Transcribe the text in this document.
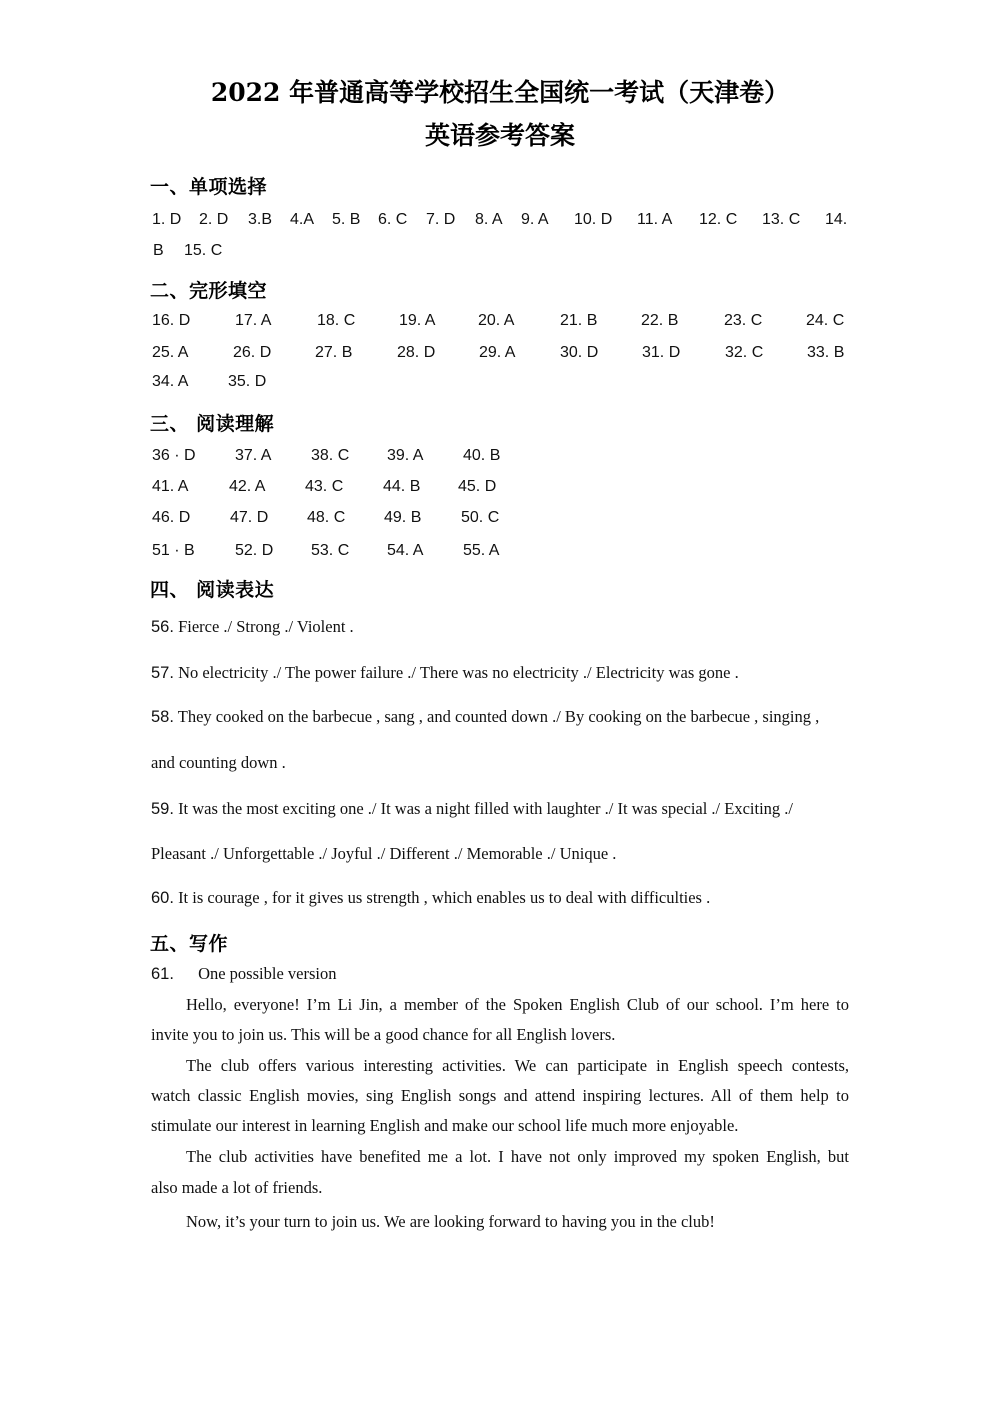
2022 年普通高等学校招生全国统一考试（天津卷）
英语参考答案
一、单项选择
1. D 2. D 3.B 4.A 5. B 6. C 7. D 8. A 9. A 10. D 11. A 12. C 13. C 14.
B 15. C
二、完形填空
16. D	17. A	18. C	19. A	20. A	21. B	22. B	23. C	24. C
25. A	26. D	27. B	28. D	29. A	30. D	31. D	32. C	33. B
34. A 35. D
三、 阅读理解
36 · D 37. A 38. C 39. A 40. B
41. A	42. A 43. C 44. B 45. D
46. D 47. D 48. C 49. B 50. C
51 · B	52. D 53. C 54. A 55. A
四、 阅读表达
56. Fierce ./ Strong ./ Violent .
57. No electricity ./ The power failure ./ There was no electricity ./ Electricity was gone .
58. They cooked on the barbecue , sang , and counted down ./ By cooking on the barbecue , singing ,
and counting down .
59. It was the most exciting one ./ It was a night filled with laughter ./ It was special ./ Exciting ./
Pleasant ./ Unforgettable ./ Joyful ./ Different ./ Memorable ./ Unique .
60. It is courage , for it gives us strength , which enables us to deal with difficulties .
五、写作
61. One possible version
Hello, everyone! I’m Li Jin, a member of the Spoken English Club of our school. I’m here to
invite you to join us. This will be a good chance for all English lovers.
The club offers various interesting activities. We can participate in English speech contests,
watch classic English movies, sing English songs and attend inspiring lectures. All of them help to
stimulate our interest in learning English and make our school life much more enjoyable.
The club activities have benefited me a lot. I have not only improved my spoken English, but
also made a lot of friends.
Now, it’s your turn to join us. We are looking forward to having you in the club!
